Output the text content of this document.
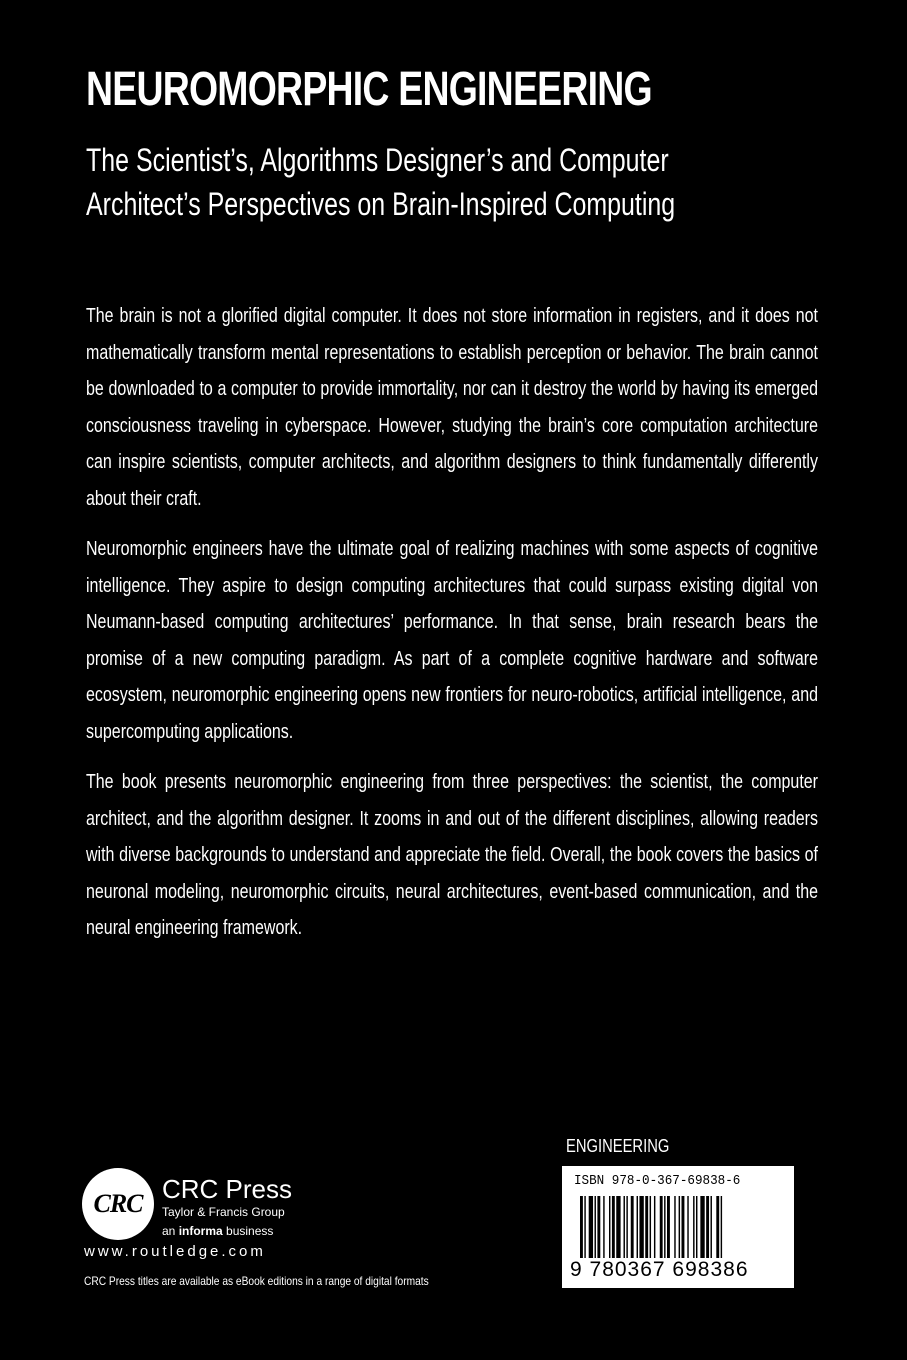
NEUROMORPHIC ENGINEERING
The Scientist’s, Algorithms Designer’s and Computer
Architect’s Perspectives on Brain-Inspired Computing

The brain is not a glorified digital computer. It does not store information in registers, and it does not mathematically transform mental representations to establish perception or behavior. The brain cannot be downloaded to a computer to provide immortality, nor can it destroy the world by having its emerged consciousness traveling in cyberspace. However, studying the brain’s core computation architecture can inspire scientists, computer architects, and algorithm designers to think fundamentally differently about their craft.

Neuromorphic engineers have the ultimate goal of realizing machines with some aspects of cognitive intelligence. They aspire to design computing architectures that could surpass existing digital von Neumann-based computing architectures’ performance. In that sense, brain research bears the promise of a new computing paradigm. As part of a complete cognitive hardware and software ecosystem, neuromorphic engineering opens new frontiers for neuro-robotics, artificial intelligence, and supercomputing applications.

The book presents neuromorphic engineering from three perspectives: the scientist, the computer architect, and the algorithm designer. It zooms in and out of the different disciplines, allowing readers with diverse backgrounds to understand and appreciate the field. Overall, the book covers the basics of neuronal modeling, neuromorphic circuits, neural architectures, event-based communication, and the neural engineering framework.

CRC CRC Press
Taylor & Francis Group
an informa business
www.routledge.com
CRC Press titles are available as eBook editions in a range of digital formats
ENGINEERING
ISBN 978-0-367-69838-6
9 780367 698386
